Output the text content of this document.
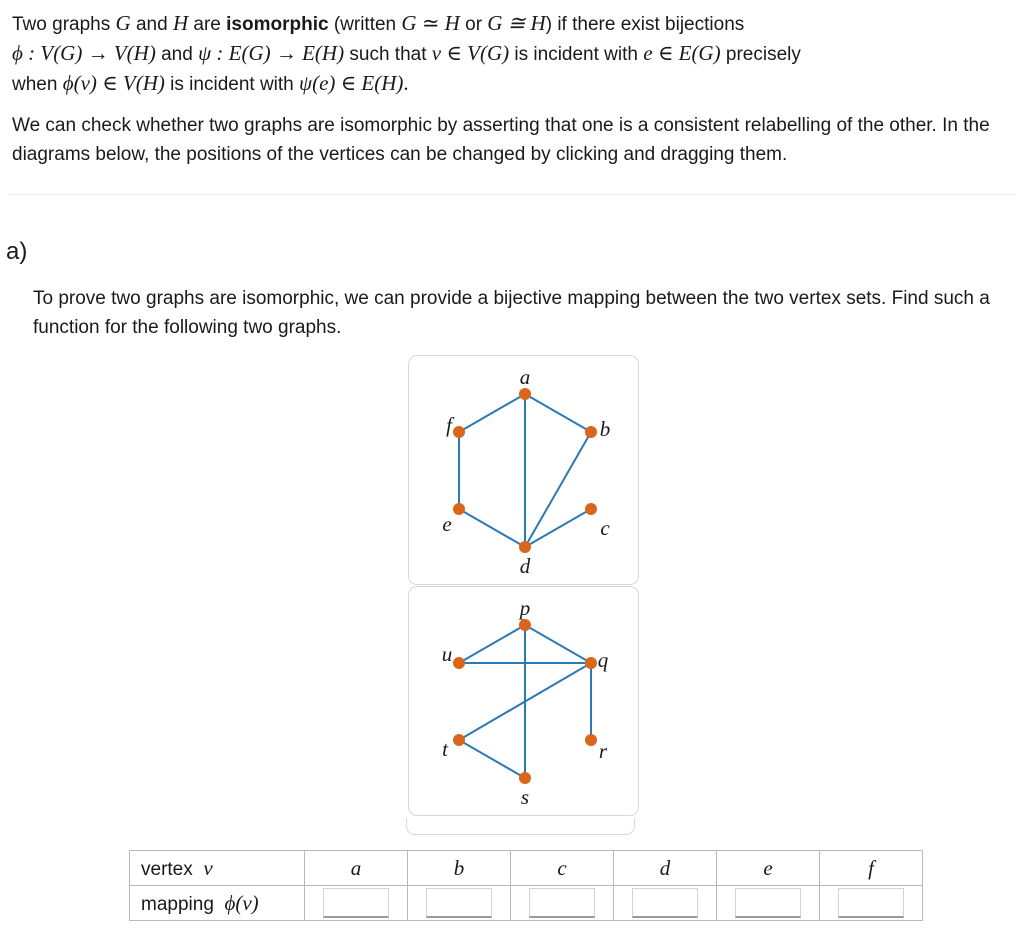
Two graphs G and H are isomorphic (written G ≃ H or G ≅ H) if there exist bijections
ϕ : V(G) → V(H) and ψ : E(G) → E(H) such that v ∈ V(G) is incident with e ∈ E(G) precisely
when ϕ(v) ∈ V(H) is incident with ψ(e) ∈ E(H).

We can check whether two graphs are isomorphic by asserting that one is a consistent relabelling of the other. In the diagrams below, the positions of the vertices can be changed by clicking and dragging them.

a)
To prove two graphs are isomorphic, we can provide a bijective mapping between the two vertex sets. Find such a function for the following two graphs.
a
b
c
d
e
f
p
q
r
s
t
u
vertex v	a	b	c	d	e	f
mapping ϕ(v)						
